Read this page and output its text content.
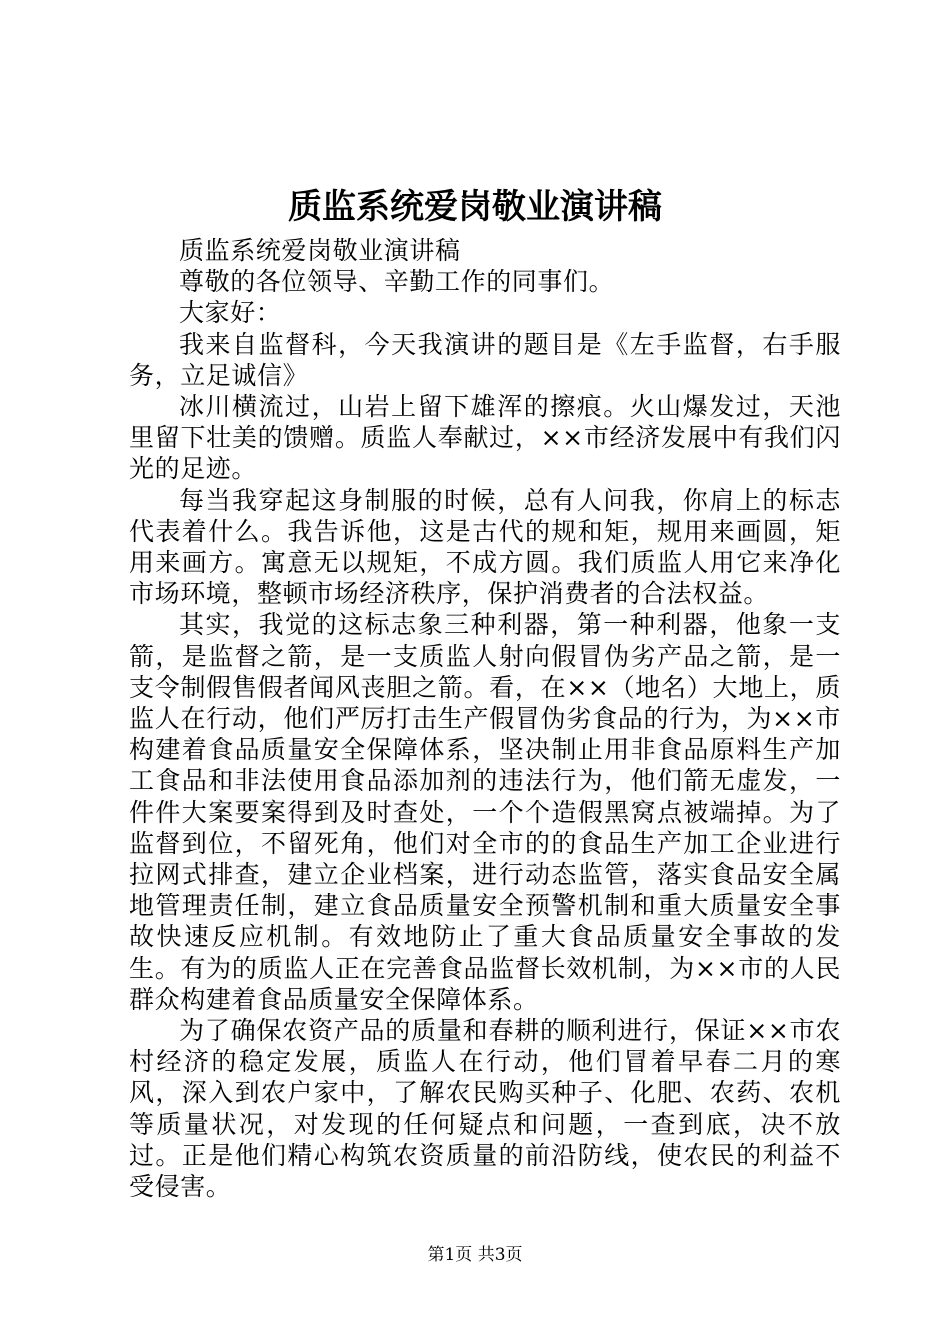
质监系统爱岗敬业演讲稿

质监系统爱岗敬业演讲稿

尊敬的各位领导、辛勤工作的同事们。

大家好：

我来自监督科，今天我演讲的题目是《左手监督，右手服务，立足诚信》

冰川横流过，山岩上留下雄浑的擦痕。火山爆发过，天池里留下壮美的馈赠。质监人奉献过，××市经济发展中有我们闪光的足迹。

每当我穿起这身制服的时候，总有人问我，你肩上的标志代表着什么。我告诉他，这是古代的规和矩，规用来画圆，矩用来画方。寓意无以规矩，不成方圆。我们质监人用它来净化市场环境，整顿市场经济秩序，保护消费者的合法权益。

其实，我觉的这标志象三种利器，第一种利器，他象一支箭，是监督之箭，是一支质监人射向假冒伪劣产品之箭，是一支令制假售假者闻风丧胆之箭。看，在××（地名）大地上，质监人在行动，他们严厉打击生产假冒伪劣食品的行为，为××市构建着食品质量安全保障体系，坚决制止用非食品原料生产加工食品和非法使用食品添加剂的违法行为，他们箭无虚发，一件件大案要案得到及时查处，一个个造假黑窝点被端掉。为了监督到位，不留死角，他们对全市的的食品生产加工企业进行拉网式排查，建立企业档案，进行动态监管，落实食品安全属地管理责任制，建立食品质量安全预警机制和重大质量安全事故快速反应机制。有效地防止了重大食品质量安全事故的发生。有为的质监人正在完善食品监督长效机制，为××市的人民群众构建着食品质量安全保障体系。

为了确保农资产品的质量和春耕的顺利进行，保证××市农村经济的稳定发展，质监人在行动，他们冒着早春二月的寒风，深入到农户家中，了解农民购买种子、化肥、农药、农机等质量状况，对发现的任何疑点和问题，一查到底，决不放过。正是他们精心构筑农资质量的前沿防线，使农民的利益不受侵害。

第1页 共3页
